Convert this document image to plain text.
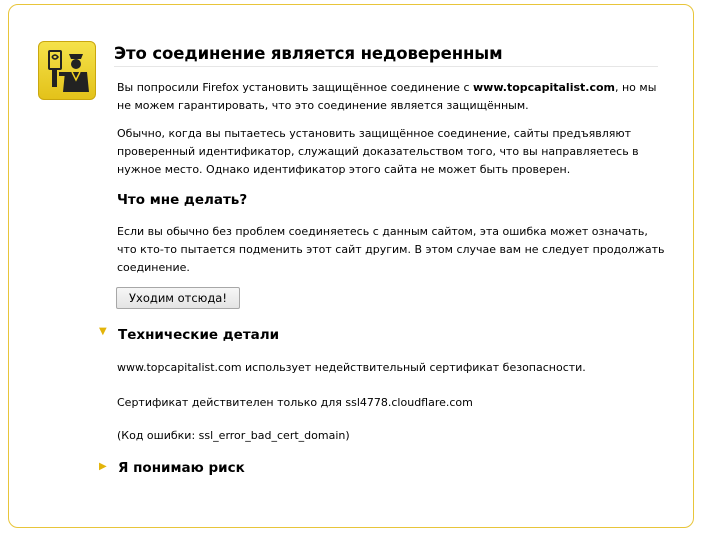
Это соединение является недоверенным

Вы попросили Firefox установить защищённое соединение с www.topcapitalist.com, но мы не можем гарантировать, что это соединение является защищённым.

Обычно, когда вы пытаетесь установить защищённое соединение, сайты предъявляют проверенный идентификатор, служащий доказательством того, что вы направляетесь в нужное место. Однако идентификатор этого сайта не может быть проверен.

Что мне делать?

Если вы обычно без проблем соединяетесь с данным сайтом, эта ошибка может означать, что кто-то пытается подменить этот сайт другим. В этом случае вам не следует продолжать соединение.

Уходим отсюда!
▼ Технические детали

www.topcapitalist.com использует недействительный сертификат безопасности.

Сертификат действителен только для ssl4778.cloudflare.com

(Код ошибки: ssl_error_bad_cert_domain)

▶ Я понимаю риск
